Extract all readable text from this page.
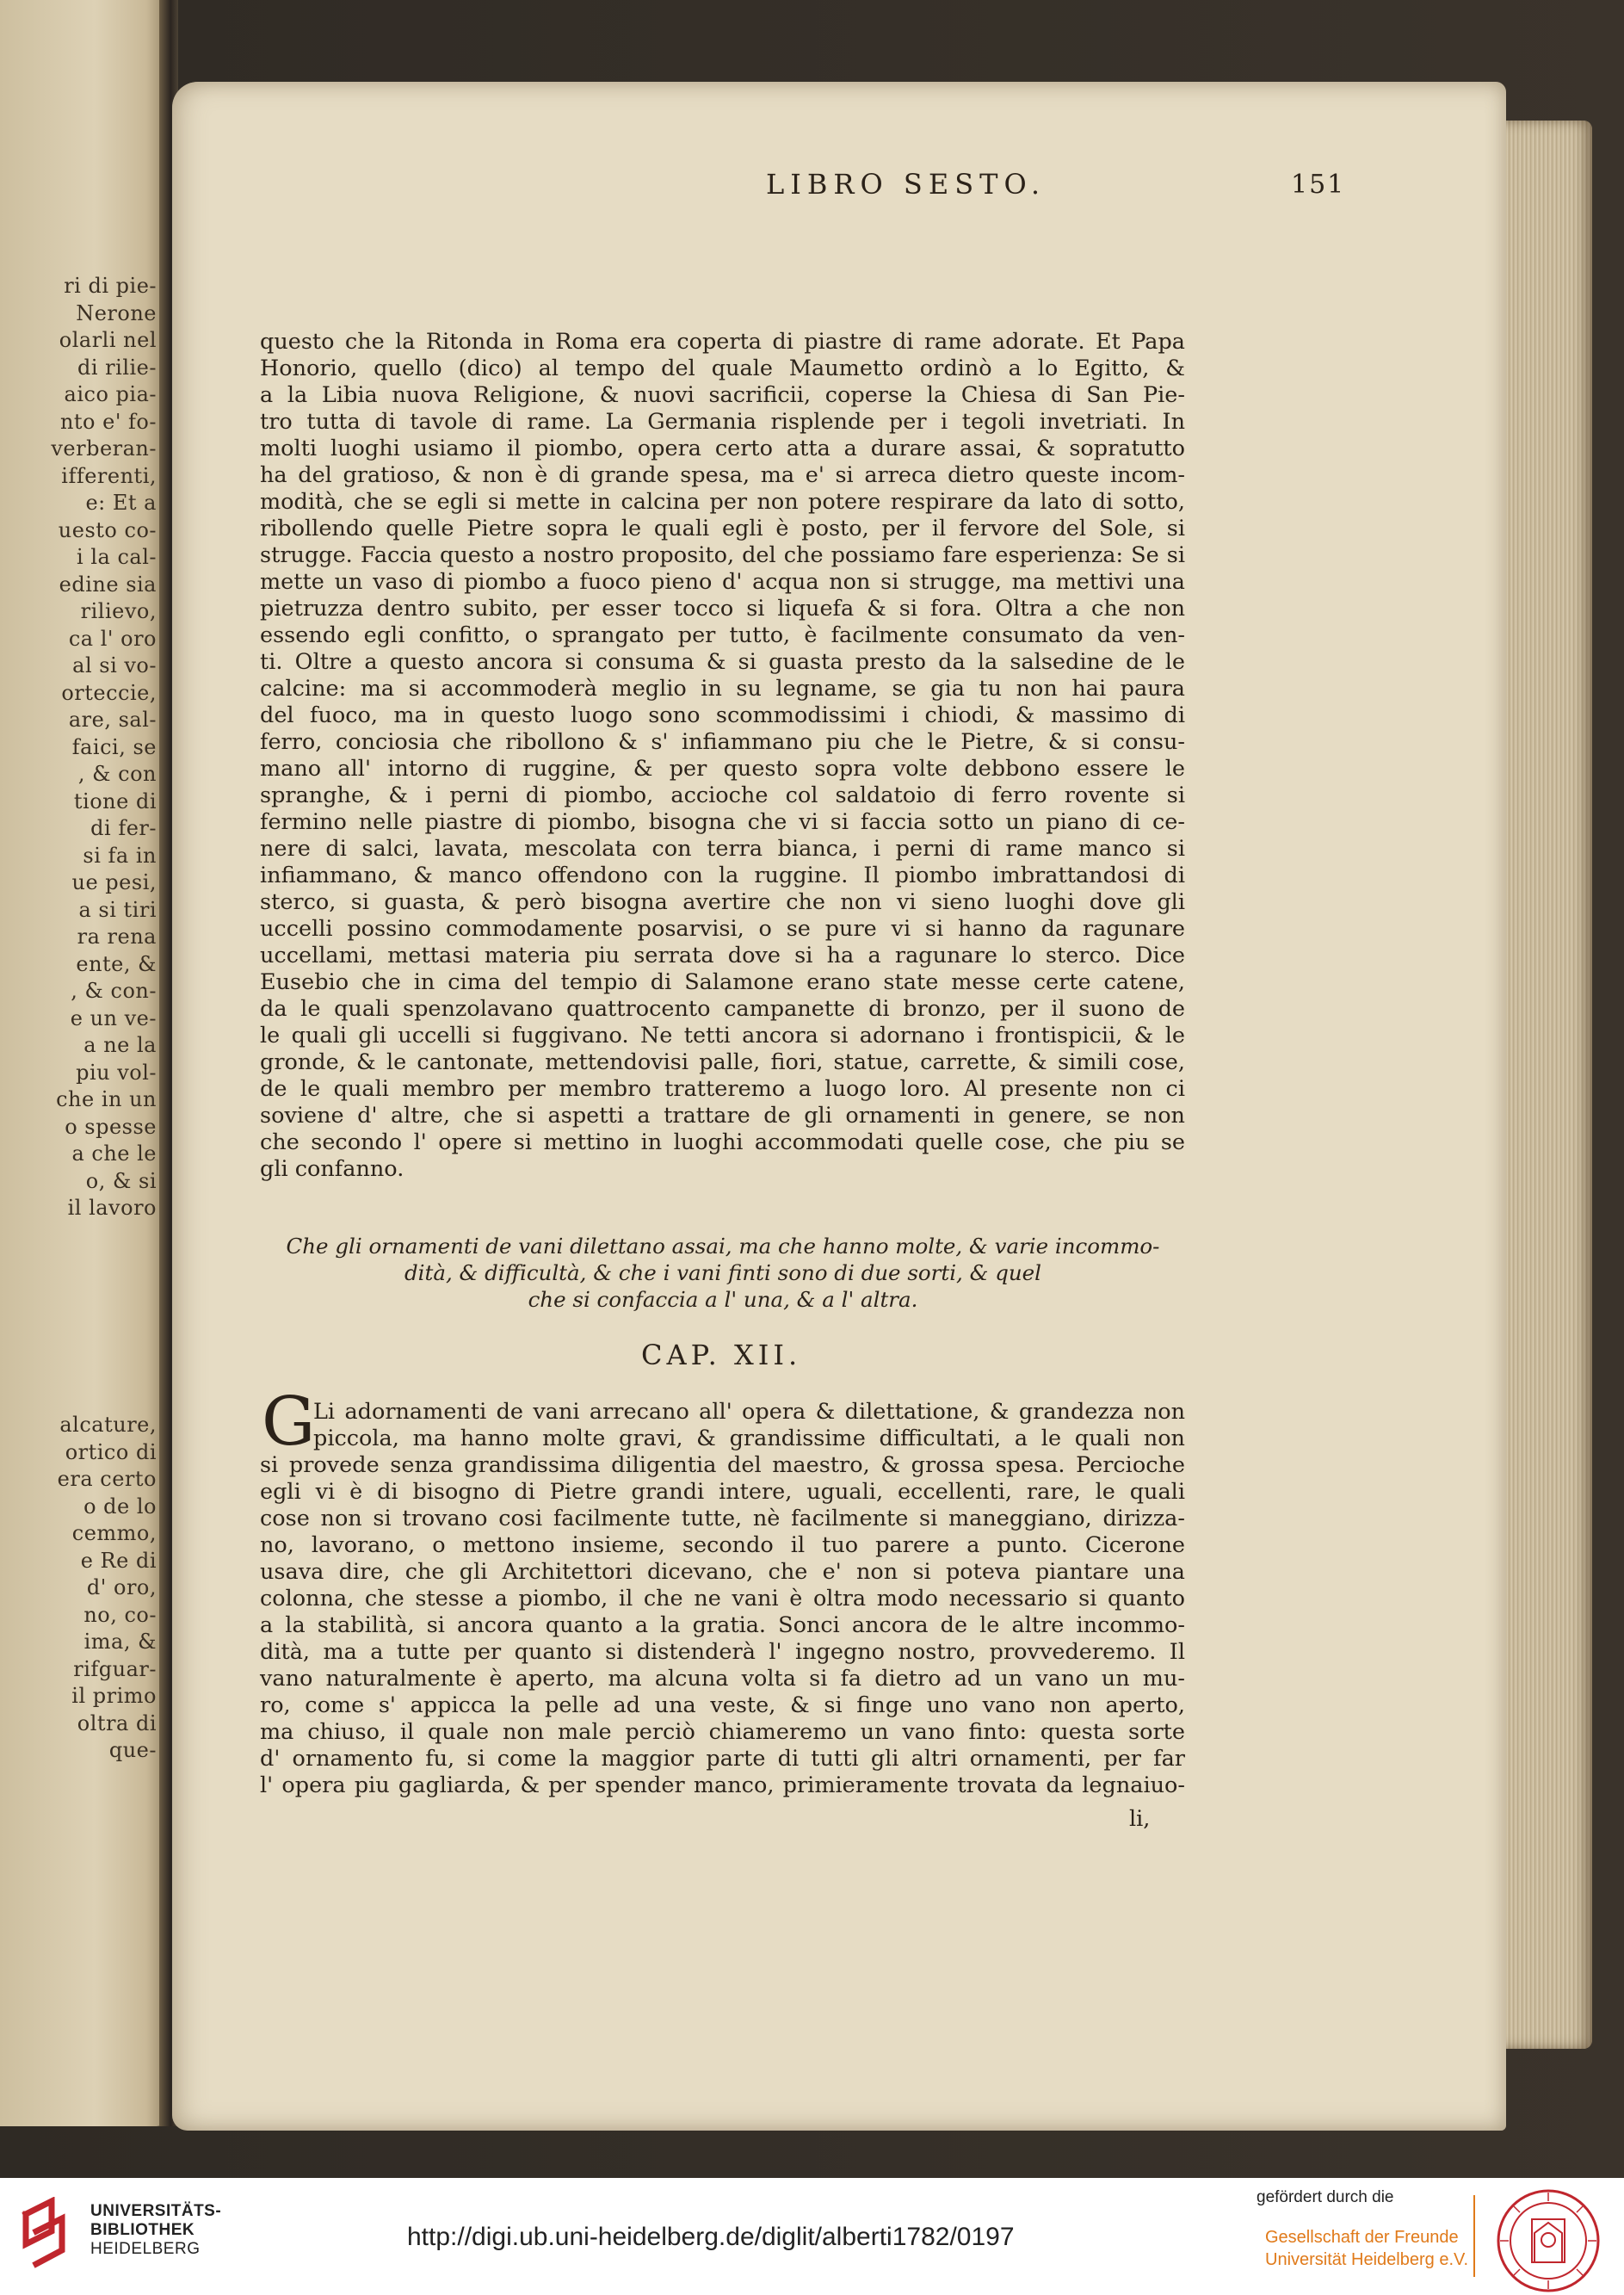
ri di pie-
Nerone
olarli nel
di rilie-
aico pia-
nto e' fo-
verberan-
ifferenti,
e: Et a
uesto co-
i la cal-
edine sia
rilievo,
ca l' oro
al si vo-
orteccie,
are, sal-
faici, se
, & con
tione di
di fer-
si fa in
ue pesi,
a si tiri
ra rena
ente, &
, & con-
e un ve-
a ne la
piu vol-
che in un
o spesse
a che le
o, & si
il lavoro
alcature,
ortico di
era certo
o de lo
cemmo,
e Re di
d' oro,
no, co-
ima, &
rifguar-
il primo
oltra di
que-
LIBRO SESTO.	151
questo che la Ritonda in Roma era coperta di piastre di rame adorate. Et Papa
Honorio, quello (dico) al tempo del quale Maumetto ordinò a lo Egitto, &
a la Libia nuova Religione, & nuovi sacrificii, coperse la Chiesa di San Pie-
tro tutta di tavole di rame. La Germania risplende per i tegoli invetriati. In
molti luoghi usiamo il piombo, opera certo atta a durare assai, & sopratutto
ha del gratioso, & non è di grande spesa, ma e' si arreca dietro queste incom-
modità, che se egli si mette in calcina per non potere respirare da lato di sotto,
ribollendo quelle Pietre sopra le quali egli è posto, per il fervore del Sole, si
strugge. Faccia questo a nostro proposito, del che possiamo fare esperienza: Se si
mette un vaso di piombo a fuoco pieno d' acqua non si strugge, ma mettivi una
pietruzza dentro subito, per esser tocco si liquefa & si fora. Oltra a che non
essendo egli confitto, o sprangato per tutto, è facilmente consumato da ven-
ti. Oltre a questo ancora si consuma & si guasta presto da la salsedine de le
calcine: ma si accommoderà meglio in su legname, se gia tu non hai paura
del fuoco, ma in questo luogo sono scommodissimi i chiodi, & massimo di
ferro, conciosia che ribollono & s' infiammano piu che le Pietre, & si consu-
mano all' intorno di ruggine, & per questo sopra volte debbono essere le
spranghe, & i perni di piombo, accioche col saldatoio di ferro rovente si
fermino nelle piastre di piombo, bisogna che vi si faccia sotto un piano di ce-
nere di salci, lavata, mescolata con terra bianca, i perni di rame manco si
infiammano, & manco offendono con la ruggine. Il piombo imbrattandosi di
sterco, si guasta, & però bisogna avertire che non vi sieno luoghi dove gli
uccelli possino commodamente posarvisi, o se pure vi si hanno da ragunare
uccellami, mettasi materia piu serrata dove si ha a ragunare lo sterco. Dice
Eusebio che in cima del tempio di Salamone erano state messe certe catene,
da le quali spenzolavano quattrocento campanette di bronzo, per il suono de
le quali gli uccelli si fuggivano. Ne tetti ancora si adornano i frontispicii, & le
gronde, & le cantonate, mettendovisi palle, fiori, statue, carrette, & simili cose,
de le quali membro per membro tratteremo a luogo loro. Al presente non ci
soviene d' altre, che si aspetti a trattare de gli ornamenti in genere, se non
che secondo l' opere si mettino in luoghi accommodati quelle cose, che piu se
gli confanno.
Che gli ornamenti de vani dilettano assai, ma che hanno molte, & varie incommo-
dità, & difficultà, & che i vani finti sono di due sorti, & quel
che si confaccia a l' una, & a l' altra.
CAP. XII.
G
Li adornamenti de vani arrecano all' opera & dilettatione, & grandezza non
piccola, ma hanno molte gravi, & grandissime difficultati, a le quali non
si provede senza grandissima diligentia del maestro, & grossa spesa. Percioche
egli vi è di bisogno di Pietre grandi intere, uguali, eccellenti, rare, le quali
cose non si trovano cosi facilmente tutte, nè facilmente si maneggiano, dirizza-
no, lavorano, o mettono insieme, secondo il tuo parere a punto. Cicerone
usava dire, che gli Architettori dicevano, che e' non si poteva piantare una
colonna, che stesse a piombo, il che ne vani è oltra modo necessario si quanto
a la stabilità, si ancora quanto a la gratia. Sonci ancora de le altre incommo-
dità, ma a tutte per quanto si distenderà l' ingegno nostro, provvederemo. Il
vano naturalmente è aperto, ma alcuna volta si fa dietro ad un vano un mu-
ro, come s' appicca la pelle ad una veste, & si finge uno vano non aperto,
ma chiuso, il quale non male perciò chiameremo un vano finto: questa sorte
d' ornamento fu, si come la maggior parte di tutti gli altri ornamenti, per far
l' opera piu gagliarda, & per spender manco, primieramente trovata da legnaiuo-
li,
UNIVERSITÄTS-
BIBLIOTHEK
HEIDELBERG	http://digi.ub.uni-heidelberg.de/diglit/alberti1782/0197
gefördert durch die
Gesellschaft der Freunde
Universität Heidelberg e.V.
